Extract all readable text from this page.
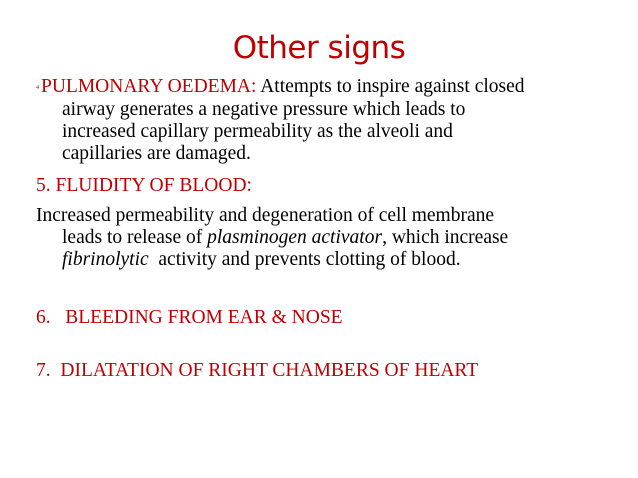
Other signs
4 PULMONARY OEDEMA: Attempts to inspire against closed
airway generates a negative pressure which leads to
increased capillary permeability as the alveoli and
capillaries are damaged.
5. FLUIDITY OF BLOOD:
Increased permeability and degeneration of cell membrane
leads to release of plasminogen activator, which increase
fibrinolytic  activity and prevents clotting of blood.
6.   BLEEDING FROM EAR & NOSE
7.  DILATATION OF RIGHT CHAMBERS OF HEART
